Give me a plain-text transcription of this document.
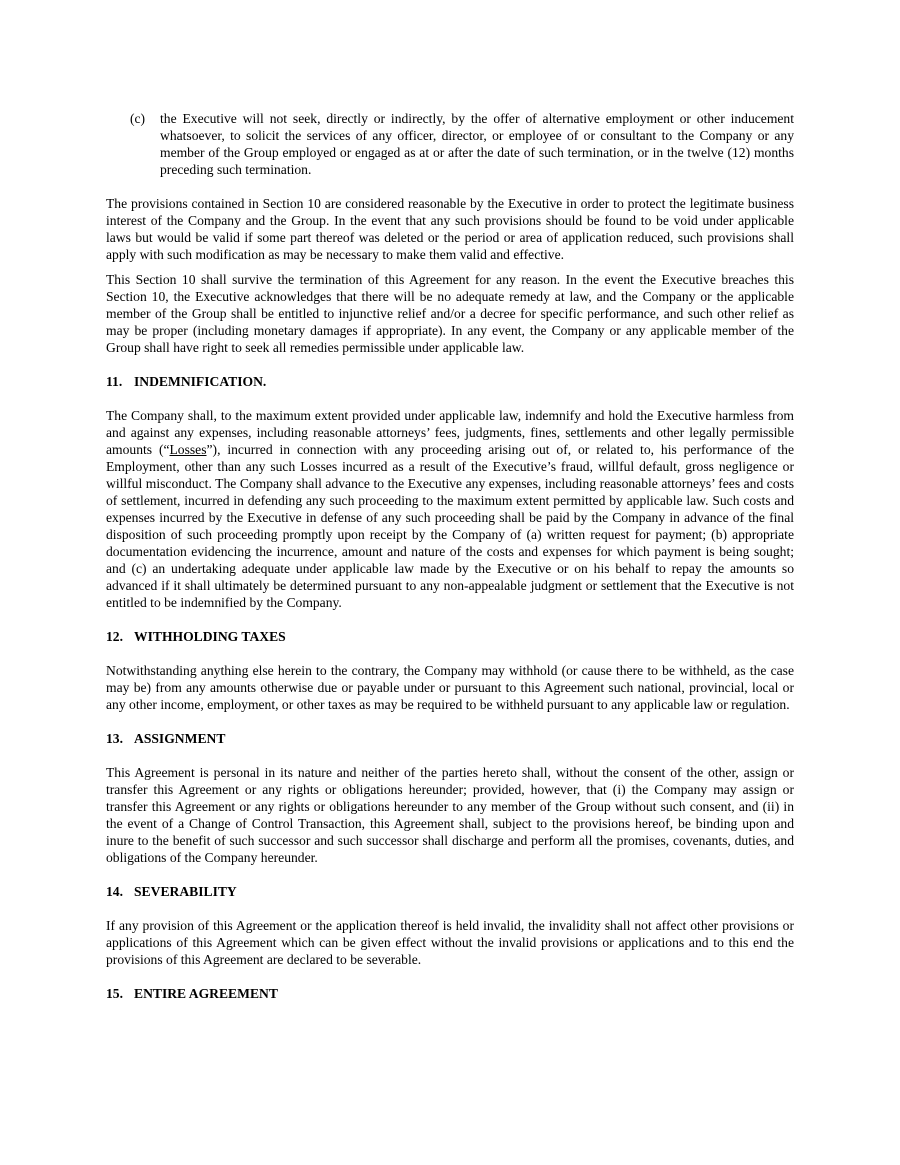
(c)	the Executive will not seek, directly or indirectly, by the offer of alternative employment or other inducement whatsoever, to solicit the services of any officer, director, or employee of or consultant to the Company or any member of the Group employed or engaged as at or after the date of such termination, or in the twelve (12) months preceding such termination.

The provisions contained in Section 10 are considered reasonable by the Executive in order to protect the legitimate business interest of the Company and the Group. In the event that any such provisions should be found to be void under applicable laws but would be valid if some part thereof was deleted or the period or area of application reduced, such provisions shall apply with such modification as may be necessary to make them valid and effective.

This Section 10 shall survive the termination of this Agreement for any reason. In the event the Executive breaches this Section 10, the Executive acknowledges that there will be no adequate remedy at law, and the Company or the applicable member of the Group shall be entitled to injunctive relief and/or a decree for specific performance, and such other relief as may be proper (including monetary damages if appropriate). In any event, the Company or any applicable member of the Group shall have right to seek all remedies permissible under applicable law.

11. INDEMNIFICATION.

The Company shall, to the maximum extent provided under applicable law, indemnify and hold the Executive harmless from and against any expenses, including reasonable attorneys’ fees, judgments, fines, settlements and other legally permissible amounts (“Losses”), incurred in connection with any proceeding arising out of, or related to, his performance of the Employment, other than any such Losses incurred as a result of the Executive’s fraud, willful default, gross negligence or willful misconduct. The Company shall advance to the Executive any expenses, including reasonable attorneys’ fees and costs of settlement, incurred in defending any such proceeding to the maximum extent permitted by applicable law. Such costs and expenses incurred by the Executive in defense of any such proceeding shall be paid by the Company in advance of the final disposition of such proceeding promptly upon receipt by the Company of (a) written request for payment; (b) appropriate documentation evidencing the incurrence, amount and nature of the costs and expenses for which payment is being sought; and (c) an undertaking adequate under applicable law made by the Executive or on his behalf to repay the amounts so advanced if it shall ultimately be determined pursuant to any non-appealable judgment or settlement that the Executive is not entitled to be indemnified by the Company.

12. WITHHOLDING TAXES

Notwithstanding anything else herein to the contrary, the Company may withhold (or cause there to be withheld, as the case may be) from any amounts otherwise due or payable under or pursuant to this Agreement such national, provincial, local or any other income, employment, or other taxes as may be required to be withheld pursuant to any applicable law or regulation.

13. ASSIGNMENT

This Agreement is personal in its nature and neither of the parties hereto shall, without the consent of the other, assign or transfer this Agreement or any rights or obligations hereunder; provided, however, that (i) the Company may assign or transfer this Agreement or any rights or obligations hereunder to any member of the Group without such consent, and (ii) in the event of a Change of Control Transaction, this Agreement shall, subject to the provisions hereof, be binding upon and inure to the benefit of such successor and such successor shall discharge and perform all the promises, covenants, duties, and obligations of the Company hereunder.

14. SEVERABILITY

If any provision of this Agreement or the application thereof is held invalid, the invalidity shall not affect other provisions or applications of this Agreement which can be given effect without the invalid provisions or applications and to this end the provisions of this Agreement are declared to be severable.

15. ENTIRE AGREEMENT
